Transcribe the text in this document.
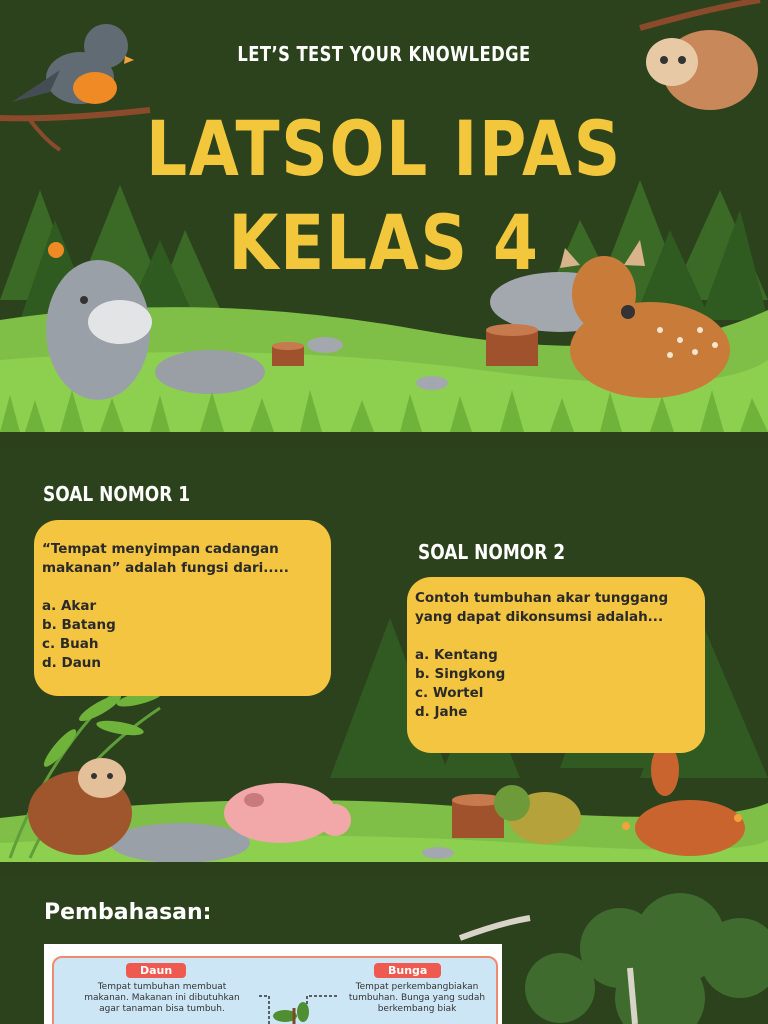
LET’S TEST YOUR KNOWLEDGE
LATSOL IPAS
KELAS 4
SOAL NOMOR 1

“Tempat menyimpan cadangan makanan” adalah fungsi dari.....

a. Akar

b. Batang

c. Buah

d. Daun

SOAL NOMOR 2

Contoh tumbuhan akar tunggang yang dapat dikonsumsi adalah...

a. Kentang

b. Singkong

c. Wortel

d. Jahe

Pembahasan:
Daun
Tempat tumbuhan membuat makanan. Makanan ini dibutuhkan agar tanaman bisa tumbuh.
Bunga
Tempat perkembangbiakan tumbuhan. Bunga yang sudah berkembang biak
